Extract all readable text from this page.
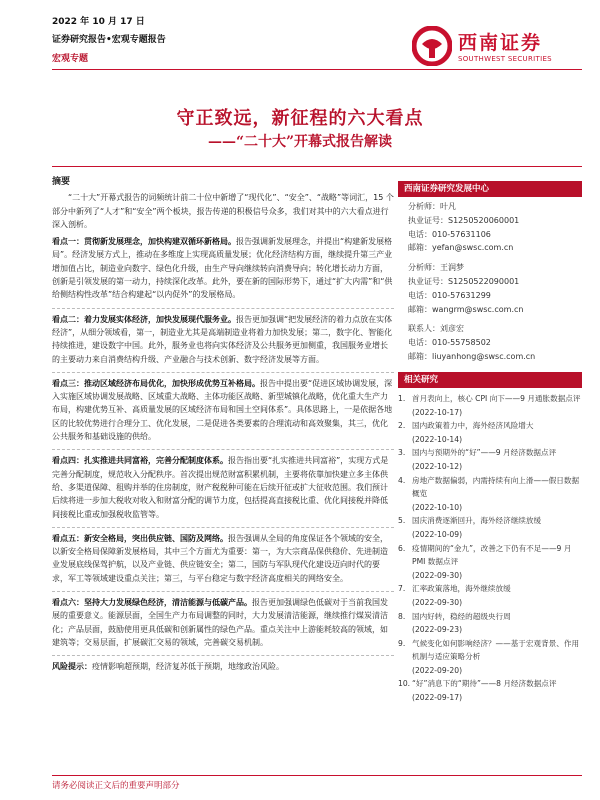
2022 年 10 月 17 日
证券研究报告•宏观专题报告
宏观专题
西南证券
SOUTHWEST SECURITIES
守正致远，新征程的六大看点
——“二十大”开幕式报告解读
摘要
“二十大”开幕式报告的词频统计前二十位中新增了“现代化”、“安全”、“战略”等词汇，15 个部分中新列了“人才”和“安全”两个板块，报告传递的积极信号众多，我们对其中的六大看点进行深入剖析。
看点一：贯彻新发展理念，加快构建双循环新格局。报告强调新发展理念，并提出“构建新发展格局”。经济发展方式上，推动在多维度上实现高质量发展；优化经济结构方面，继续提升第三产业增加值占比，制造业向数字、绿色化升级，由生产导向继续转向消费导向；转化增长动力方面，创新是引领发展的第一动力，持续深化改革。此外，要在新的国际形势下，通过“扩大内需”和“供给侧结构性改革”结合构建起“以内促外”的发展格局。
看点二：着力发展实体经济，加快发展现代服务业。报告更加强调“把发展经济的着力点放在实体经济”，从细分领域看，第一，制造业尤其是高端制造业将着力加快发展；第二，数字化、智能化持续推进，建设数字中国。此外，服务业也将向实体经济及公共服务更加侧重，我国服务业增长的主要动力来自消费结构升级、产业融合与技术创新、数字经济发展等方面。
看点三：推动区域经济布局优化，加快形成优势互补格局。报告中提出要“促进区域协调发展，深入实施区域协调发展战略、区域重大战略、主体功能区战略、新型城镇化战略，优化重大生产力布局，构建优势互补、高质量发展的区域经济布局和国土空间体系”。具体思路上，一是依据各地区的比较优势进行合理分工、优化发展，二是促进各类要素的合理流动和高效聚集，其三，优化公共服务和基础设施的供给。
看点四：扎实推进共同富裕，完善分配制度体系。报告指出要“扎实推进共同富裕”，实现方式是完善分配制度，规范收入分配秩序。首次提出规范财富积累机制，主要将依靠加快建立多主体供给、多渠道保障、租购并举的住房制度，财产税税种可能在后续开征或扩大征收范围。我们预计后续将进一步加大税收对收入和财富分配的调节力度，包括提高直接税比重、优化间接税并降低间接税比重或加强税收监管等。
看点五：新安全格局，突出供应链、国防及网络。报告强调从全局的角度保证各个领域的安全，以新安全格局保障新发展格局，其中三个方面尤为重要：第一，为大宗商品保供稳价、先进制造业发展底线保驾护航，以及产业链、供应链安全；第二，国防与军队现代化建设迈向时代的要求，军工等领域建设重点关注；第三，与平台稳定与数字经济高度相关的网络安全。
看点六：坚持大力发展绿色经济，清洁能源与低碳产品。报告更加强调绿色低碳对于当前我国发展的重要意义。能源层面，全国生产力布局调整的同时，大力发展清洁能源，继续推行煤炭清洁化；产品层面，鼓励使用更具低碳和创新属性的绿色产品。重点关注中上游能耗较高的领域，如建筑等；交易层面，扩展碳汇交易的领域，完善碳交易机制。
风险提示：疫情影响超预期，经济复苏低于预期，地缘政治风险。
西南证券研究发展中心
分析师：叶凡
执业证号：S1250520060001
电话：010-57631106
邮箱：yefan@swsc.com.cn
分析师：王润梦
执业证号：S1250522090001
电话：010-57631299
邮箱：wangrm@swsc.com.cn
联系人：刘彦宏
电话：010-55758502
邮箱：liuyanhong@swsc.com.cn
相关研究
1. 首月表向上，核心 CPI 向下——9 月通胀数据点评
(2022-10-17)
2. 国内政策着力中，海外经济风险增大
(2022-10-14)
3. 国内与预期外的“好”——9 月经济数据点评
(2022-10-12)
4. 房地产数据偏弱，内需持续有向上滑——假日数据概览
(2022-10-10)
5. 国庆消费逐渐回升，海外经济继续放缓
(2022-10-09)
6. 疫情期间的“金九”，改善之下仍有不足——9 月 PMI 数据点评
(2022-09-30)
7. 汇率政策落地，海外继续放缓
(2022-09-30)
8. 国内好转，稳经的超级央行周
(2022-09-23)
9. 气候变化如何影响经济？——基于宏观背景、作用机制与适应策略分析
(2022-09-20)
10. “好”消息下的“期待”——8 月经济数据点评
(2022-09-17)
请务必阅读正文后的重要声明部分
